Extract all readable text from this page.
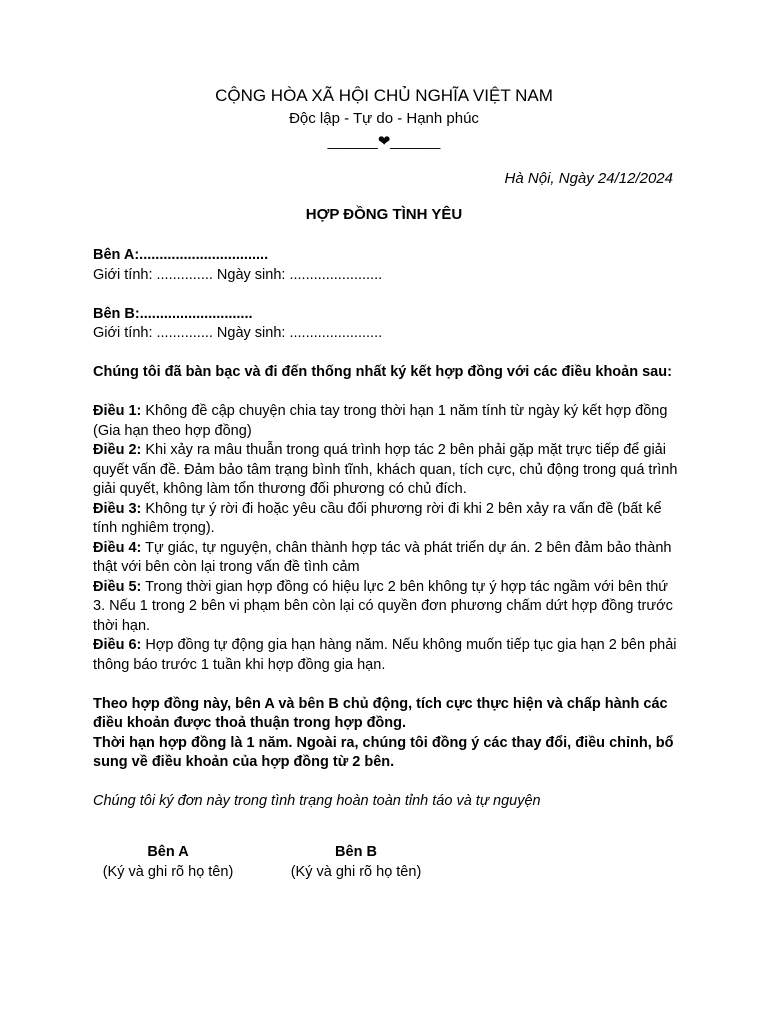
CỘNG HÒA XÃ HỘI CHỦ NGHĨA VIỆT NAM
Độc lập - Tự do - Hạnh phúc
______❤______
Hà Nội, Ngày 24/12/2024
HỢP ĐỒNG TÌNH YÊU

Bên A:................................

Giới tính: .............. Ngày sinh: .......................

Bên B:............................

Giới tính: .............. Ngày sinh: .......................

Chúng tôi đã bàn bạc và đi đến thống nhất ký kết hợp đồng với các điều khoản sau:

Điều 1: Không đề cập chuyện chia tay trong thời hạn 1 năm tính từ ngày ký kết hợp đồng (Gia hạn theo hợp đồng)

Điều 2: Khi xảy ra mâu thuẫn trong quá trình hợp tác 2 bên phải gặp mặt trực tiếp để giải quyết vấn đề. Đảm bảo tâm trạng bình tĩnh, khách quan, tích cực, chủ động trong quá trình giải quyết, không làm tổn thương đối phương có chủ đích.

Điều 3: Không tự ý rời đi hoặc yêu cầu đối phương rời đi khi 2 bên xảy ra vấn đề (bất kể tính nghiêm trọng).

Điều 4: Tự giác, tự nguyện, chân thành hợp tác và phát triển dự án. 2 bên đảm bảo thành thật với bên còn lại trong vấn đề tình cảm

Điều 5: Trong thời gian hợp đồng có hiệu lực 2 bên không tự ý hợp tác ngầm với bên thứ 3. Nếu 1 trong 2 bên vi phạm bên còn lại có quyền đơn phương chấm dứt hợp đồng trước thời hạn.

Điều 6: Hợp đồng tự động gia hạn hàng năm. Nếu không muốn tiếp tục gia hạn 2 bên phải thông báo trước 1 tuần khi hợp đồng gia hạn.

Theo hợp đồng này, bên A và bên B chủ động, tích cực thực hiện và chấp hành các điều khoản được thoả thuận trong hợp đồng.

Thời hạn hợp đồng là 1 năm. Ngoài ra, chúng tôi đồng ý các thay đổi, điều chỉnh, bổ sung về điều khoản của hợp đồng từ 2 bên.

Chúng tôi ký đơn này trong tình trạng hoàn toàn tỉnh táo và tự nguyện

Bên A
(Ký và ghi rõ họ tên)
Bên B
(Ký và ghi rõ họ tên)
